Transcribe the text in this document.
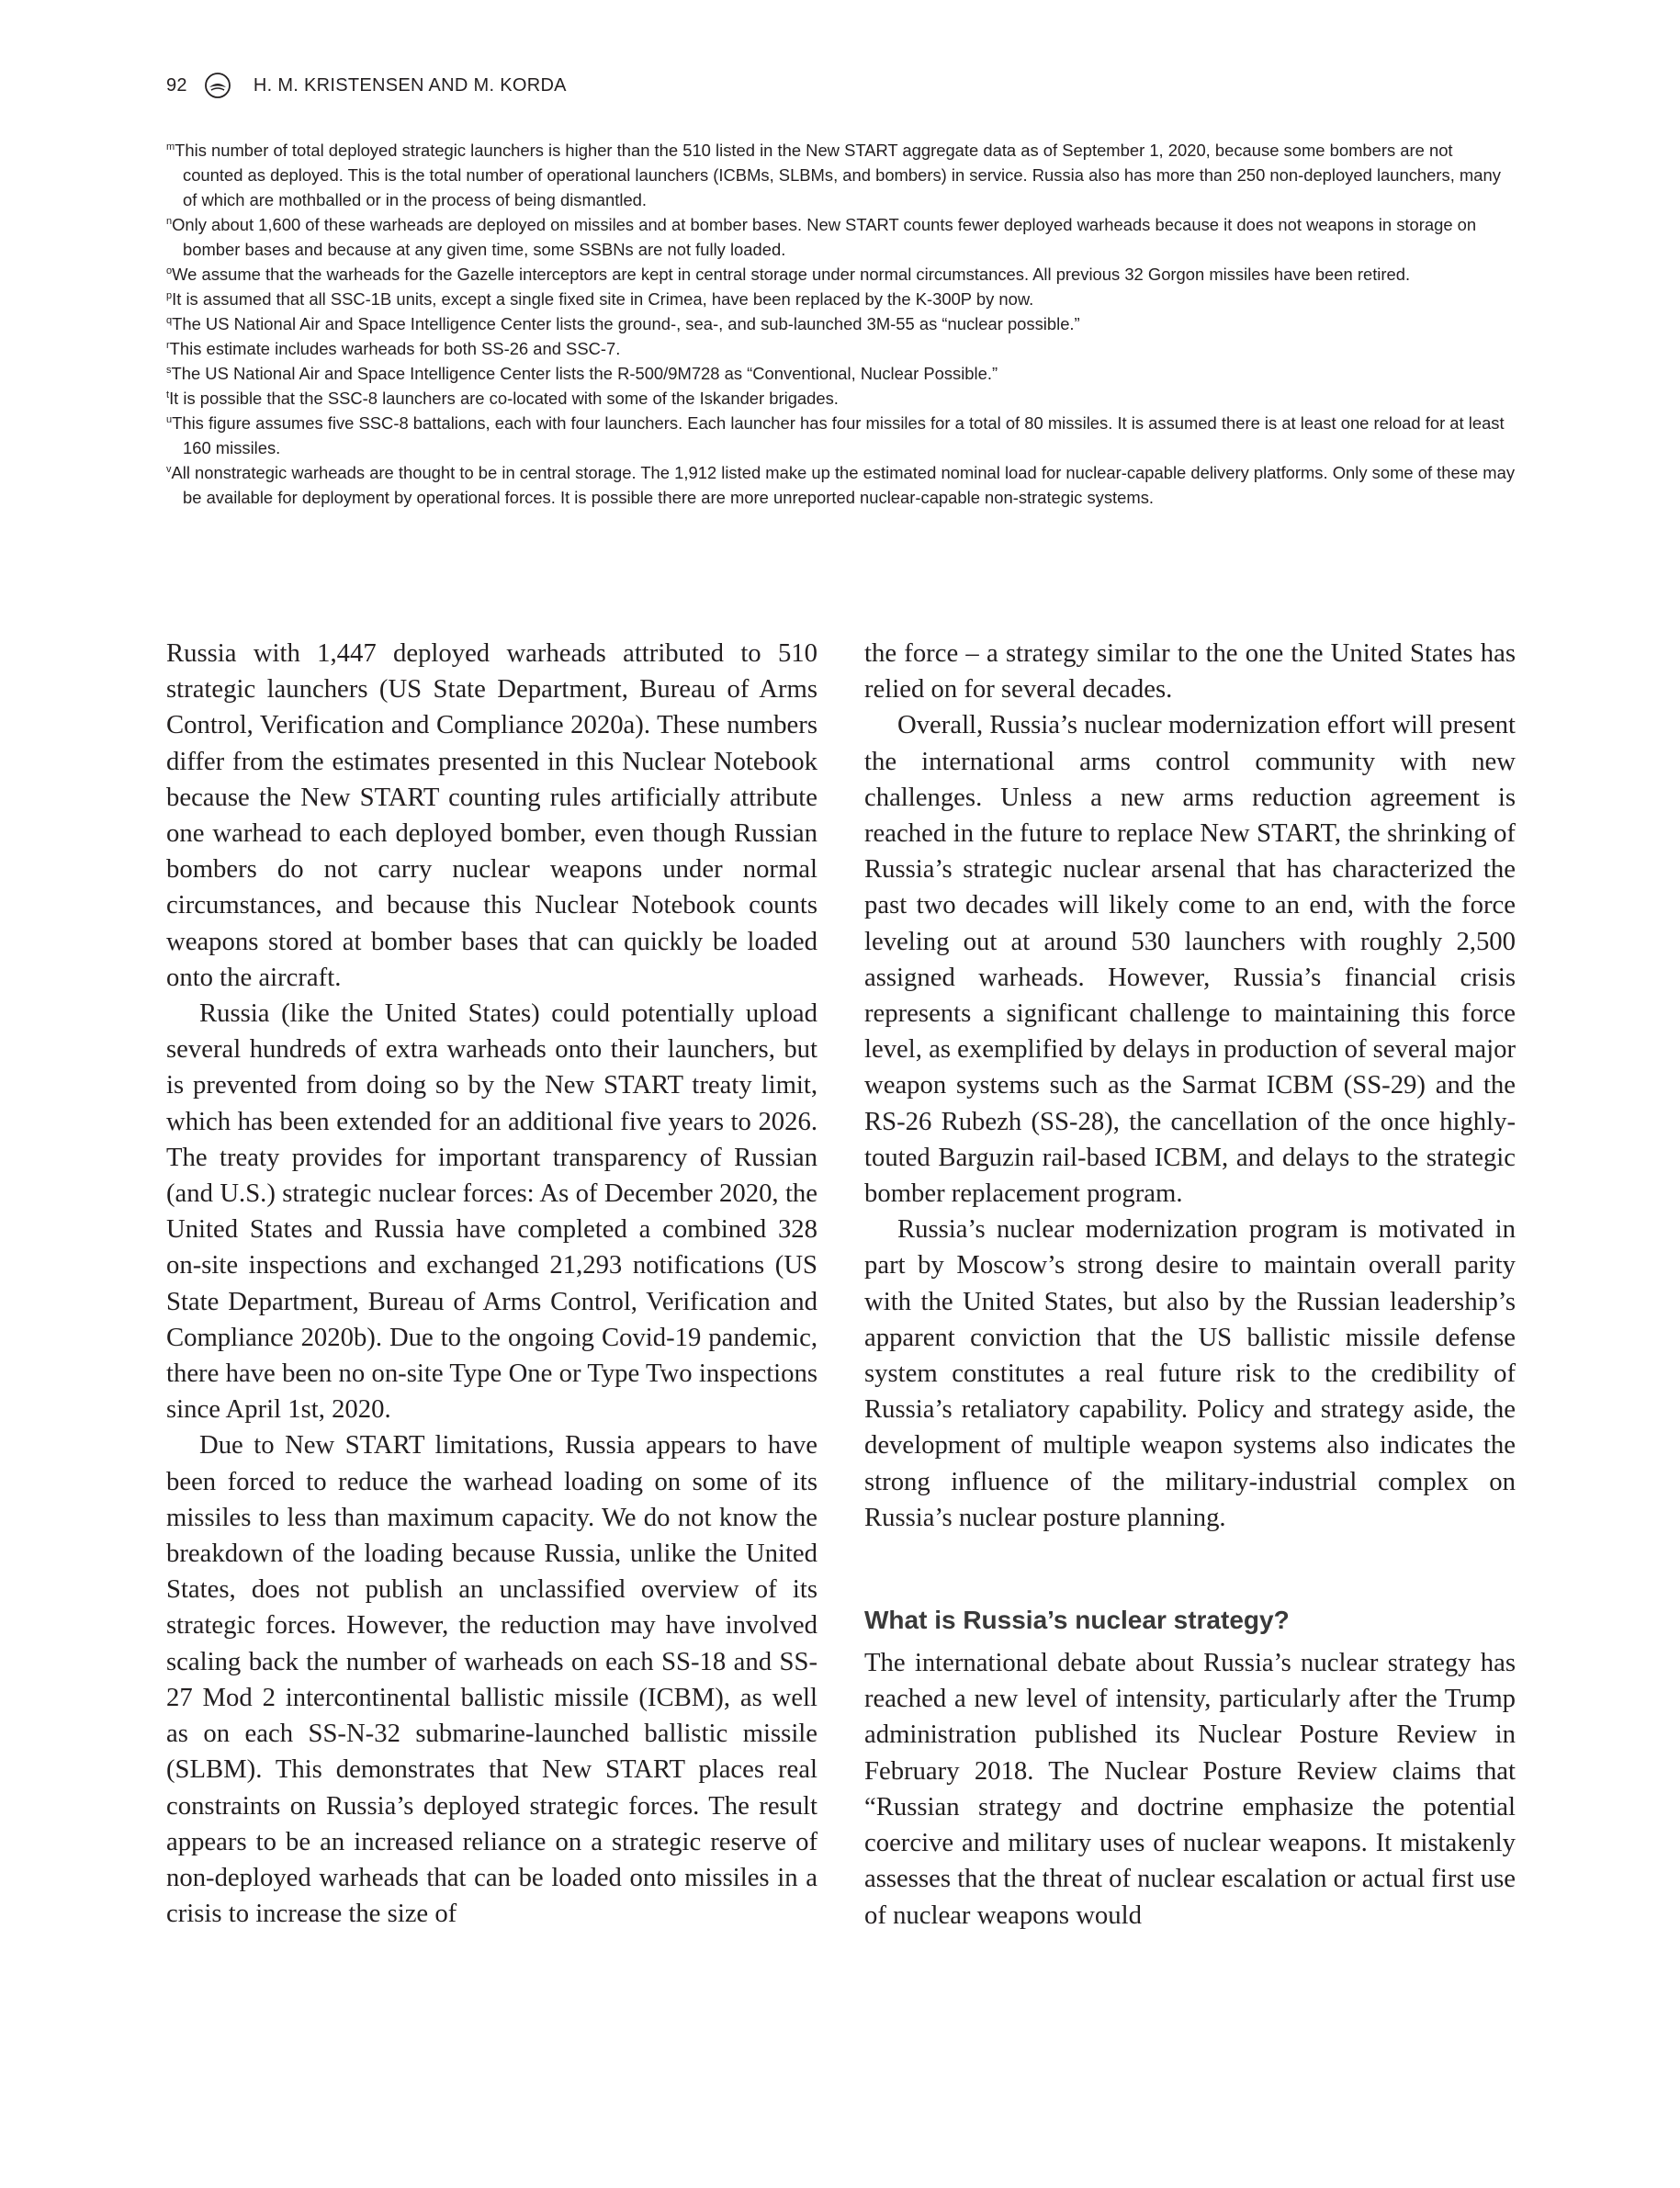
92	H. M. KRISTENSEN AND M. KORDA
$^m$This number of total deployed strategic launchers is higher than the 510 listed in the New START aggregate data as of September 1, 2020, because some bombers are not counted as deployed. This is the total number of operational launchers (ICBMs, SLBMs, and bombers) in service. Russia also has more than 250 non-deployed launchers, many of which are mothballed or in the process of being dismantled.
$^n$Only about 1,600 of these warheads are deployed on missiles and at bomber bases. New START counts fewer deployed warheads because it does not weapons in storage on bomber bases and because at any given time, some SSBNs are not fully loaded.
$^o$We assume that the warheads for the Gazelle interceptors are kept in central storage under normal circumstances. All previous 32 Gorgon missiles have been retired.
$^p$It is assumed that all SSC-1B units, except a single fixed site in Crimea, have been replaced by the K-300P by now.
$^q$The US National Air and Space Intelligence Center lists the ground-, sea-, and sub-launched 3M-55 as “nuclear possible.”
$^r$This estimate includes warheads for both SS-26 and SSC-7.
$^s$The US National Air and Space Intelligence Center lists the R-500/9M728 as “Conventional, Nuclear Possible.”
$^t$It is possible that the SSC-8 launchers are co-located with some of the Iskander brigades.
$^u$This figure assumes five SSC-8 battalions, each with four launchers. Each launcher has four missiles for a total of 80 missiles. It is assumed there is at least one reload for at least 160 missiles.
$^v$All nonstrategic warheads are thought to be in central storage. The 1,912 listed make up the estimated nominal load for nuclear-capable delivery platforms. Only some of these may be available for deployment by operational forces. It is possible there are more unreported nuclear-capable non-strategic systems.

Russia with 1,447 deployed warheads attributed to 510 strategic launchers (US State Department, Bureau of Arms Control, Verification and Compliance 2020a). These numbers differ from the estimates presented in this Nuclear Notebook because the New START counting rules artificially attribute one warhead to each deployed bomber, even though Russian bombers do not carry nuclear weapons under normal circumstances, and because this Nuclear Notebook counts weapons stored at bomber bases that can quickly be loaded onto the aircraft.

Russia (like the United States) could potentially upload several hundreds of extra warheads onto their launchers, but is prevented from doing so by the New START treaty limit, which has been extended for an additional five years to 2026. The treaty provides for important transparency of Russian (and U.S.) strategic nuclear forces: As of December 2020, the United States and Russia have completed a combined 328 on-site inspections and exchanged 21,293 notifications (US State Department, Bureau of Arms Control, Verification and Compliance 2020b). Due to the ongoing Covid-19 pandemic, there have been no on-site Type One or Type Two inspections since April 1st, 2020.

Due to New START limitations, Russia appears to have been forced to reduce the warhead loading on some of its missiles to less than maximum capacity. We do not know the breakdown of the loading because Russia, unlike the United States, does not publish an unclassified overview of its strategic forces. However, the reduction may have involved scaling back the number of warheads on each SS-18 and SS-27 Mod 2 intercontinental ballistic missile (ICBM), as well as on each SS-N-32 submarine-launched ballistic missile (SLBM). This demonstrates that New START places real constraints on Russia’s deployed strategic forces. The result appears to be an increased reliance on a strategic reserve of non-deployed warheads that can be loaded onto missiles in a crisis to increase the size of

the force – a strategy similar to the one the United States has relied on for several decades.

Overall, Russia’s nuclear modernization effort will present the international arms control community with new challenges. Unless a new arms reduction agreement is reached in the future to replace New START, the shrinking of Russia’s strategic nuclear arsenal that has characterized the past two decades will likely come to an end, with the force leveling out at around 530 launchers with roughly 2,500 assigned warheads. However, Russia’s financial crisis represents a significant challenge to maintaining this force level, as exemplified by delays in production of several major weapon systems such as the Sarmat ICBM (SS-29) and the RS-26 Rubezh (SS-28), the cancellation of the once highly-touted Barguzin rail-based ICBM, and delays to the strategic bomber replacement program.

Russia’s nuclear modernization program is motivated in part by Moscow’s strong desire to maintain overall parity with the United States, but also by the Russian leadership’s apparent conviction that the US ballistic missile defense system constitutes a real future risk to the credibility of Russia’s retaliatory capability. Policy and strategy aside, the development of multiple weapon systems also indicates the strong influence of the military-industrial complex on Russia’s nuclear posture planning.

What is Russia’s nuclear strategy?

The international debate about Russia’s nuclear strategy has reached a new level of intensity, particularly after the Trump administration published its Nuclear Posture Review in February 2018. The Nuclear Posture Review claims that “Russian strategy and doctrine emphasize the potential coercive and military uses of nuclear weapons. It mistakenly assesses that the threat of nuclear escalation or actual first use of nuclear weapons would
